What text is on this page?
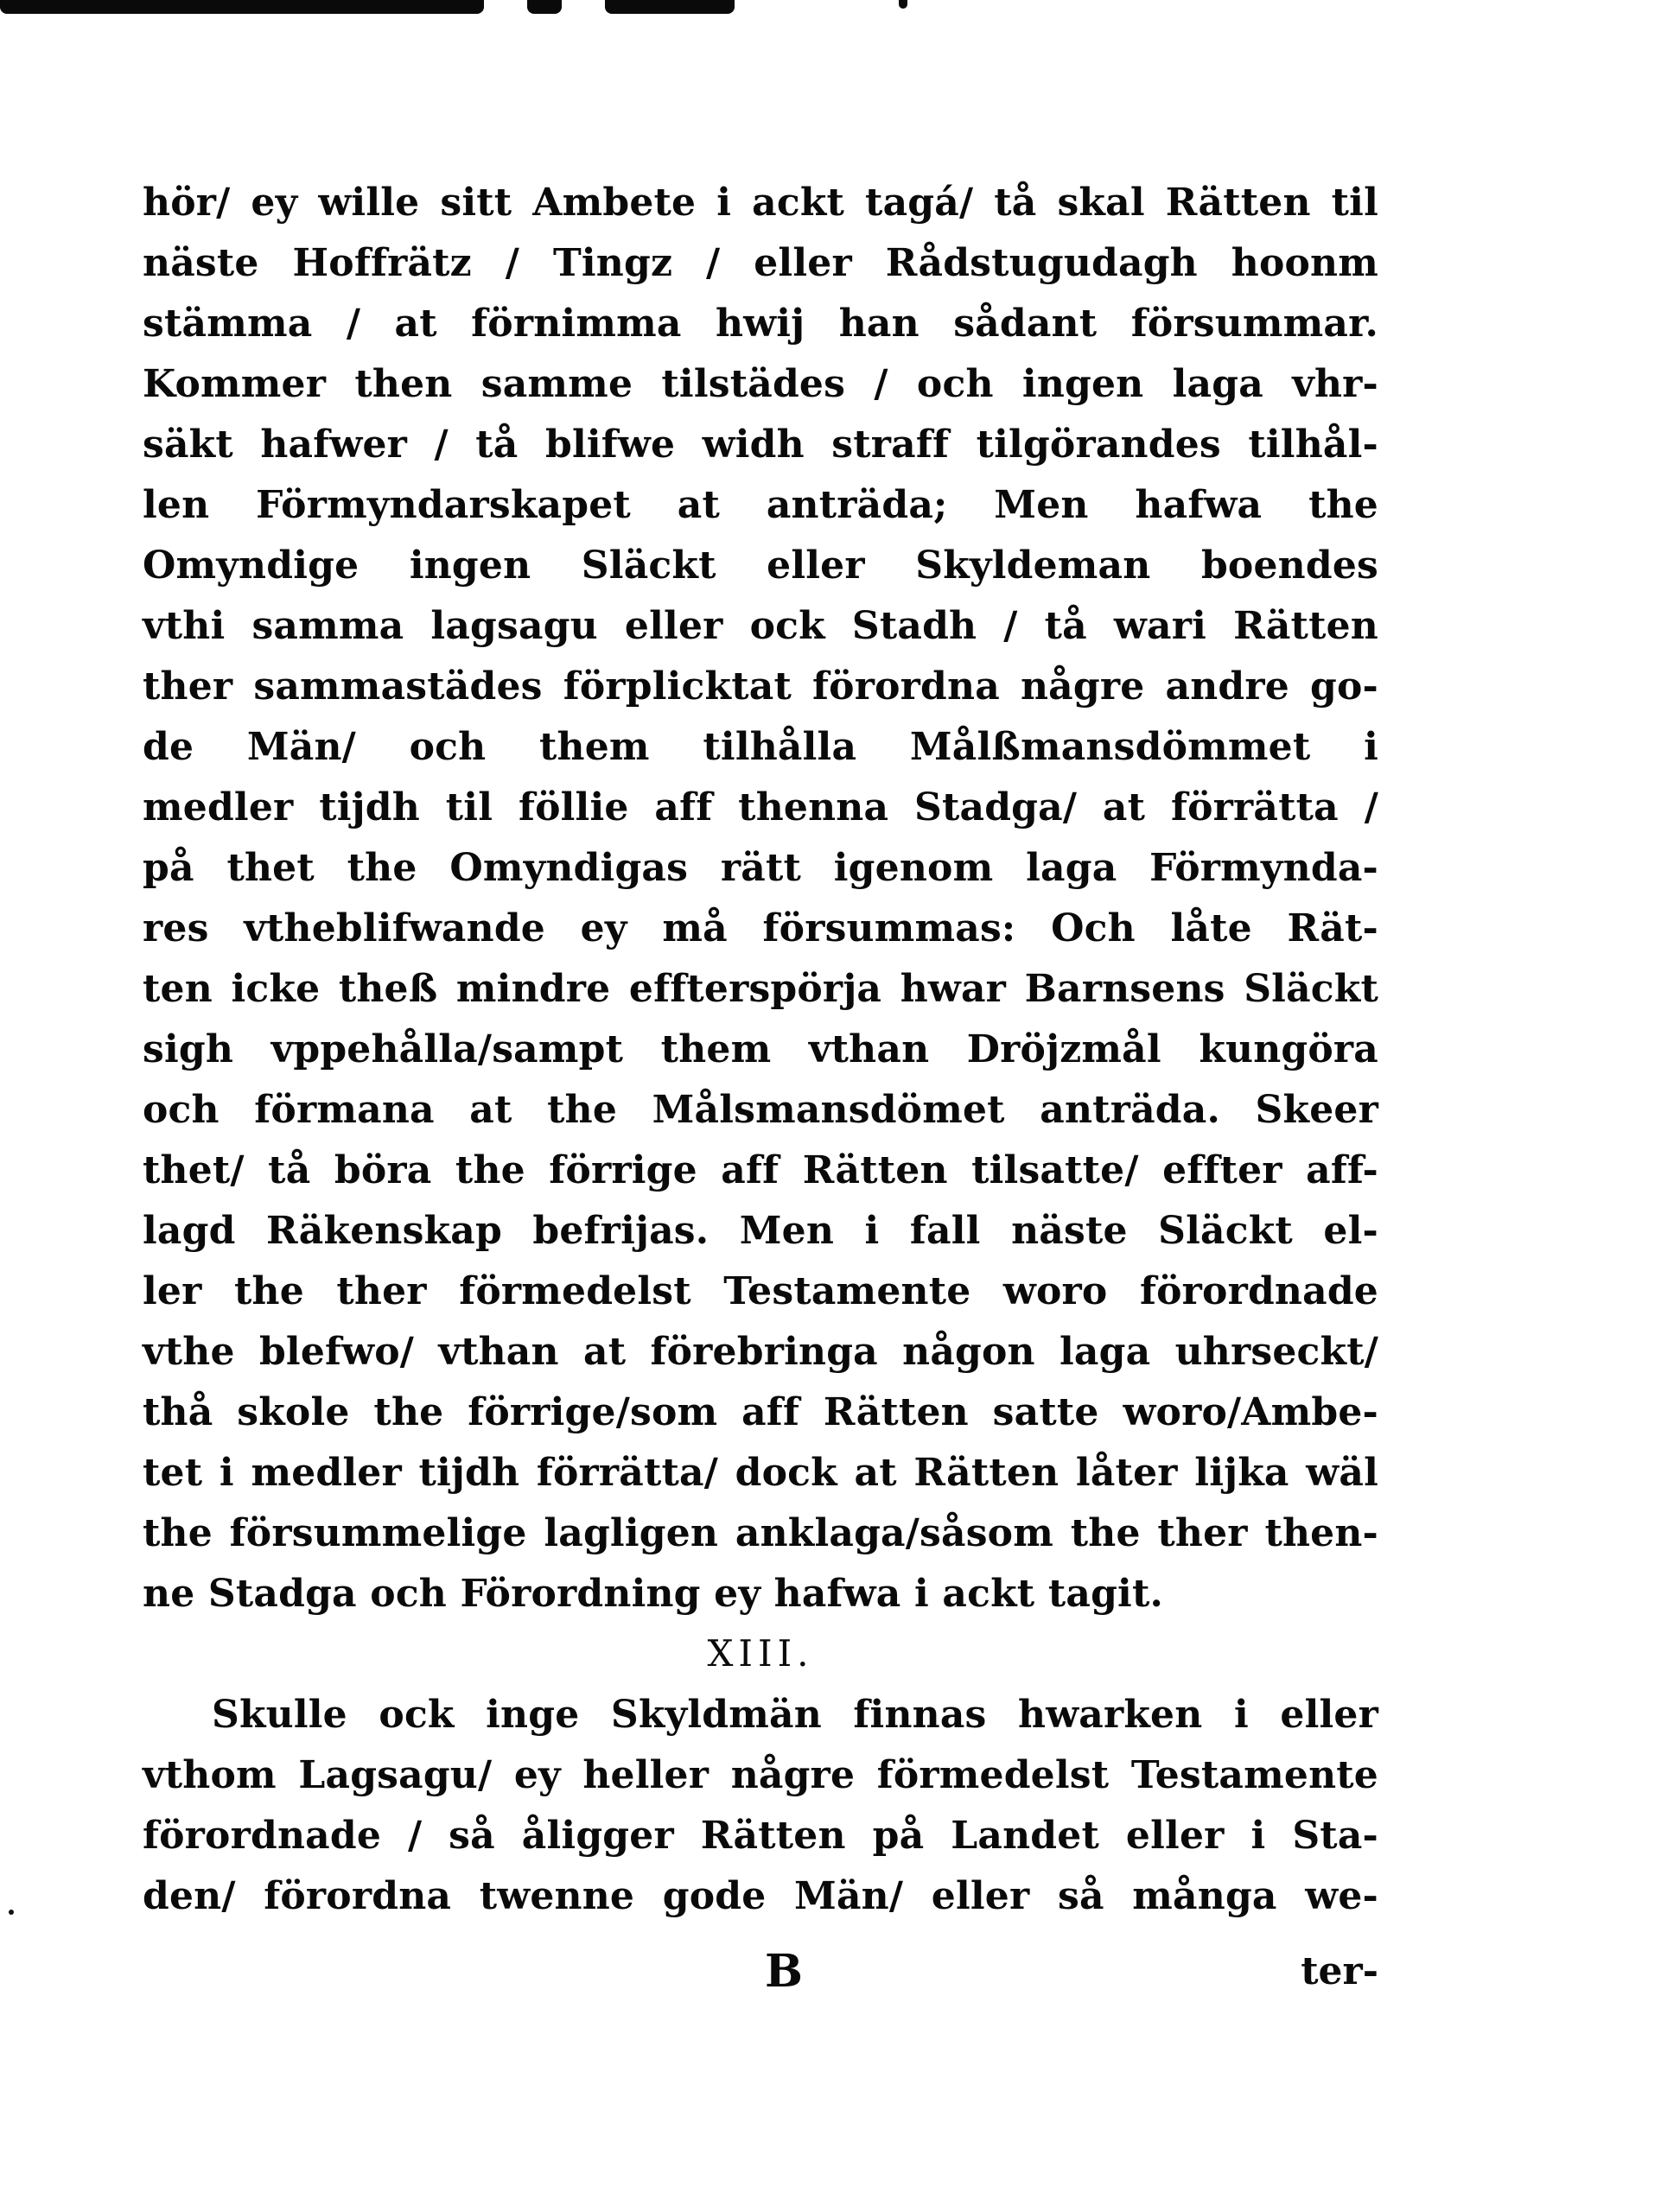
hör/ ey wille sitt Ambete i ackt tagá/ tå skal Rätten til
näste Hoffrätz / Tingz / eller Rådstugudagh hoonm
stämma / at förnimma hwij han sådant försummar.
Kommer then samme tilstädes / och ingen laga vhr-
säkt hafwer / tå blifwe widh straff tilgörandes tilhål-
len Förmyndarskapet at anträda; Men hafwa the
Omyndige ingen Släckt eller Skyldeman boendes
vthi samma lagsagu eller ock Stadh / tå wari Rätten
ther sammastädes förplicktat förordna någre andre go-
de Män/ och them tilhålla Målßmansdömmet i
medler tijdh til föllie aff thenna Stadga/ at förrätta /
på thet the Omyndigas rätt igenom laga Förmynda-
res vtheblifwande ey må försummas: Och låte Rät-
ten icke theß mindre effterspörja hwar Barnsens Släckt
sigh vppehålla/sampt them vthan Dröjzmål kungöra
och förmana at the Målsmansdömet anträda. Skeer
thet/ tå böra the förrige aff Rätten tilsatte/ effter aff-
lagd Räkenskap befrijas. Men i fall näste Släckt el-
ler the ther förmedelst Testamente woro förordnade
vthe blefwo/ vthan at förebringa någon laga uhrseckt/
thå skole the förrige/som aff Rätten satte woro/Ambe-
tet i medler tijdh förrätta/ dock at Rätten låter lijka wäl
the försummelige lagligen anklaga/såsom the ther then-
ne Stadga och Förordning ey hafwa i ackt tagit.
XIII.
Skulle ock inge Skyldmän finnas hwarken i eller
vthom Lagsagu/ ey heller någre förmedelst Testamente
förordnade / så åligger Rätten på Landet eller i Sta-
den/ förordna twenne gode Män/ eller så många we-
B	ter-
